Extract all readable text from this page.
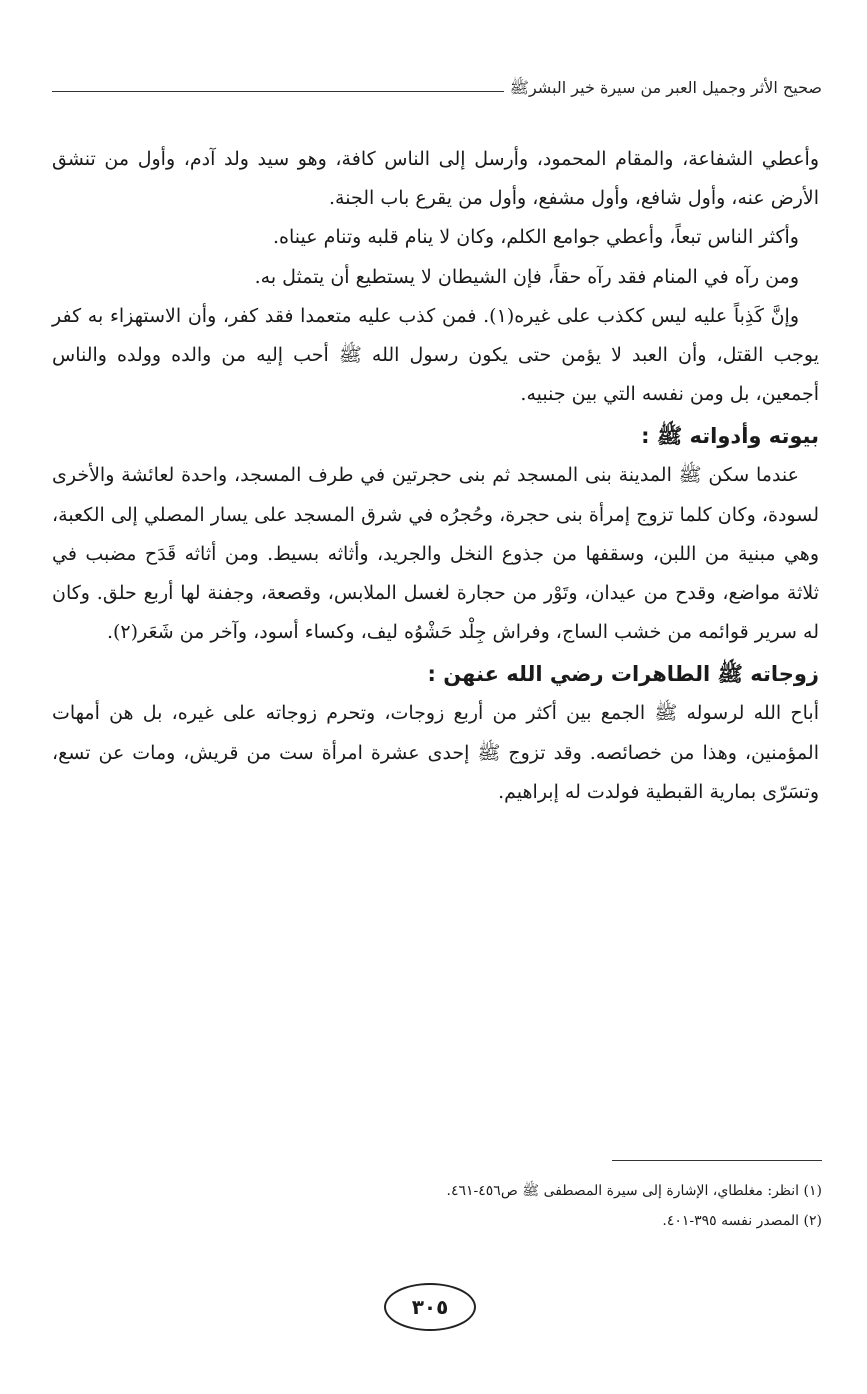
صحيح الأثر وجميل العبر من سيرة خير البشرﷺ

وأعطي الشفاعة، والمقام المحمود، وأرسل إلى الناس كافة، وهو سيد ولد آدم، وأول من تنشق الأرض عنه، وأول شافع، وأول مشفع، وأول من يقرع باب الجنة.

وأكثر الناس تبعاً، وأعطي جوامع الكلم، وكان لا ينام قلبه وتنام عيناه.

ومن رآه في المنام فقد رآه حقاً، فإن الشيطان لا يستطيع أن يتمثل به.

وإنَّ كَذِباً عليه ليس ككذب على غيره(١). فمن كذب عليه متعمدا فقد كفر، وأن الاستهزاء به كفر يوجب القتل، وأن العبد لا يؤمن حتى يكون رسول الله ﷺ أحب إليه من والده وولده والناس أجمعين، بل ومن نفسه التي بين جنبيه.

بيوته وأدواته ﷺ :

عندما سكن ﷺ المدينة بنى المسجد ثم بنى حجرتين في طرف المسجد، واحدة لعائشة والأخرى لسودة، وكان كلما تزوج إمرأة بنى حجرة، وحُجرُه في شرق المسجد على يسار المصلي إلى الكعبة، وهي مبنية من اللبن، وسقفها من جذوع النخل والجريد، وأثاثه بسيط. ومن أثاثه قَدَح مضبب في ثلاثة مواضع، وقدح من عيدان، وتَوْر من حجارة لغسل الملابس، وقصعة، وجفنة لها أربع حلق. وكان له سرير قوائمه من خشب الساج، وفراش جِلْد حَشْوُه ليف، وكساء أسود، وآخر من شَعَر(٢).

زوجاته ﷺ الطاهرات رضي الله عنهن :

أباح الله لرسوله ﷺ الجمع بين أكثر من أربع زوجات، وتحرم زوجاته على غيره، بل هن أمهات المؤمنين، وهذا من خصائصه. وقد تزوج ﷺ إحدى عشرة امرأة ست من قريش، ومات عن تسع، وتسَرّى بمارية القبطية فولدت له إبراهيم.

(١) انظر: مغلطاي، الإشارة إلى سيرة المصطفى ﷺ ص٤٥٦-٤٦١.
(٢) المصدر نفسه ٣٩٥-٤٠١.
٣٠٥
